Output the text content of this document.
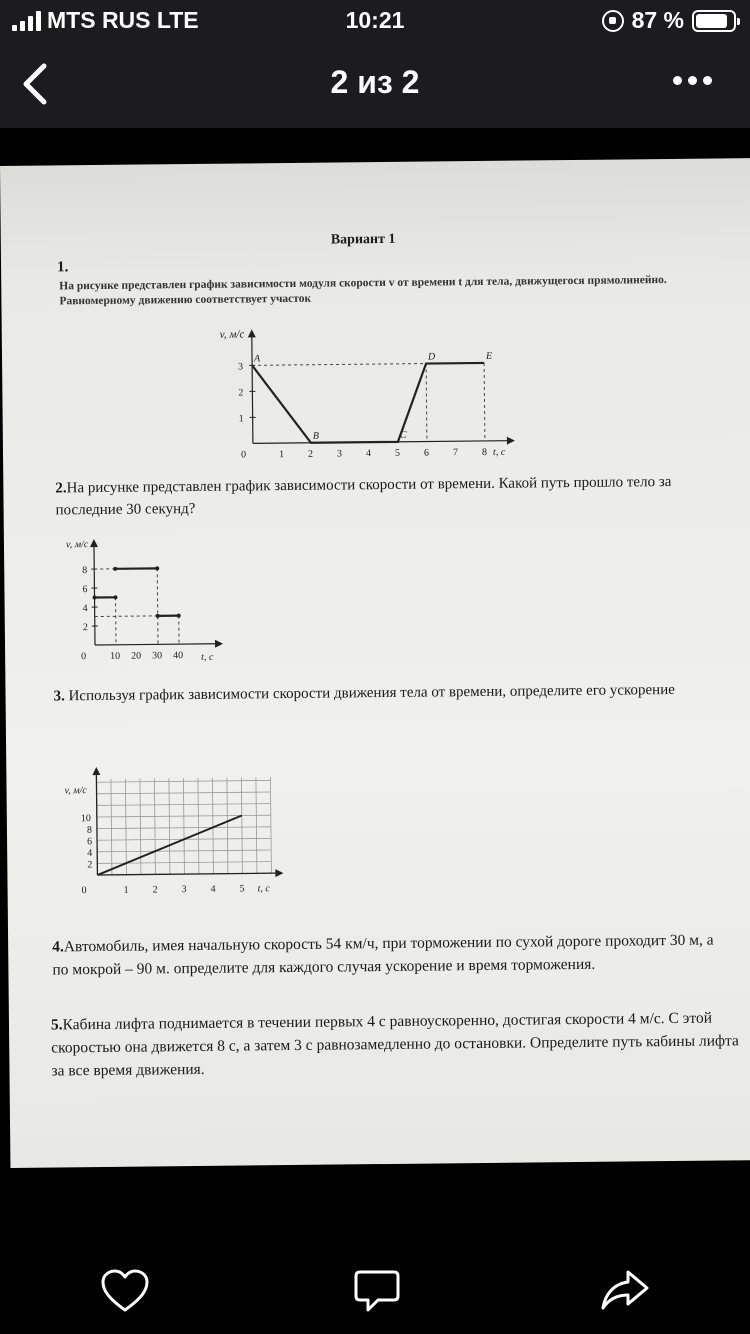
MTS RUS LTE	10:21	87 %
2 из 2
Вариант 1
1.
На рисунке представлен график зависимости модуля скорости v от времени t для тела, движущегося прямолинейно. Равномерному движению соответствует участок
1
2
3
0	1 2 3 4 5 6 7 8
A
B	C
D	E
v, м/с
t, c
2.На рисунке представлен график зависимости скорости от времени. Какой путь прошло тело за последние 30 секунд?
2
4
6
8
0 10 20 30 40
v, м/с
t, c
3. Используя график зависимости скорости движения тела от времени, определите его ускорение
2
4
6
8
10
0	1 2 3 4 5
v, м/с
t, c
4.Автомобиль, имея начальную скорость 54 км/ч, при торможении по сухой дороге проходит 30 м, а по мокрой – 90 м. определите для каждого случая ускорение и время торможения.
5.Кабина лифта поднимается в течении первых 4 с равноускоренно, достигая скорости 4 м/с. С этой скоростью она движется 8 с, а затем 3 с равнозамедленно до остановки. Определите путь кабины лифта за все время движения.
